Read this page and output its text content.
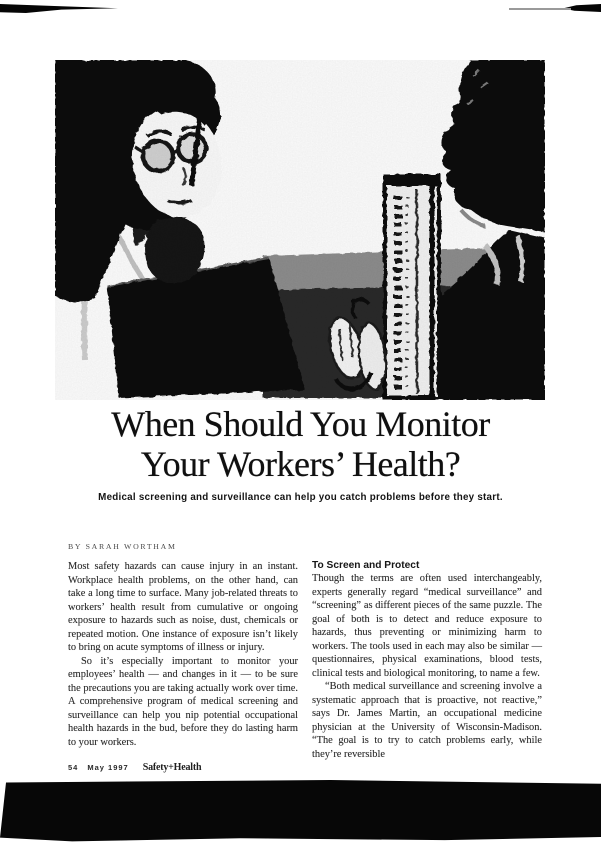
When Should You Monitor
Your Workers’ Health?

Medical screening and surveillance can help you catch problems before they start.

BY SARAH WORTHAM

Most safety hazards can cause injury in an instant. Workplace health problems, on the other hand, can take a long time to surface. Many job-related threats to workers’ health result from cumulative or ongoing exposure to hazards such as noise, dust, chemicals or repeated motion. One instance of exposure isn’t likely to bring on acute symptoms of illness or injury.

So it’s especially important to monitor your employees’ health — and changes in it — to be sure the precautions you are taking actually work over time. A comprehensive program of medical screening and surveillance can help you nip potential occupational health hazards in the bud, before they do lasting harm to your workers.

To Screen and Protect

Though the terms are often used interchangeably, experts generally regard “medical surveillance” and “screening” as different pieces of the same puzzle. The goal of both is to detect and reduce exposure to hazards, thus preventing or minimizing harm to workers. The tools used in each may also be similar — questionnaires, physical examinations, blood tests, clinical tests and biological monitoring, to name a few.

“Both medical surveillance and screening involve a systematic approach that is proactive, not reactive,” says Dr. James Martin, an occupational medicine physician at the University of Wisconsin-Madison. “The goal is to try to catch problems early, while they’re reversible

54 May 1997 Safety+Health
